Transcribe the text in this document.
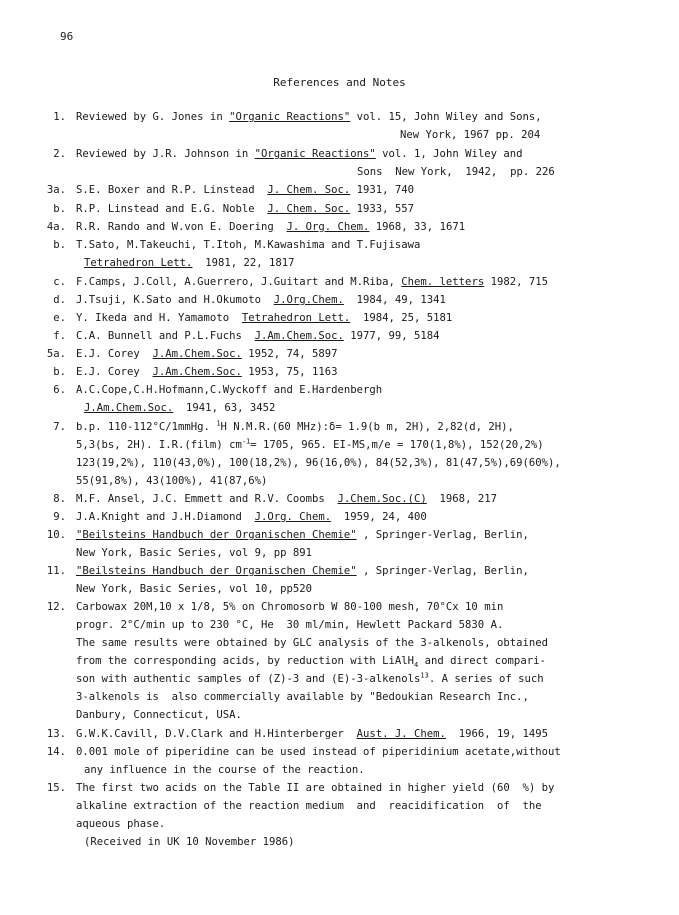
96
References and Notes
1. Reviewed by G. Jones in "Organic Reactions" vol. 15, John Wiley and Sons,
New York, 1967 pp. 204
2. Reviewed by J.R. Johnson in "Organic Reactions" vol. 1, John Wiley and
Sons  New York,  1942,  pp. 226
3a. S.E. Boxer and R.P. Linstead  J. Chem. Soc. 1931, 740
b. R.P. Linstead and E.G. Noble  J. Chem. Soc. 1933, 557
4a. R.R. Rando and W.von E. Doering  J. Org. Chem. 1968, 33, 1671
b. T.Sato, M.Takeuchi, T.Itoh, M.Kawashima and T.Fujisawa
Tetrahedron Lett.  1981, 22, 1817
c. F.Camps, J.Coll, A.Guerrero, J.Guitart and M.Riba, Chem. letters 1982, 715
d. J.Tsuji, K.Sato and H.Okumoto  J.Org.Chem.  1984, 49, 1341
e. Y. Ikeda and H. Yamamoto  Tetrahedron Lett.  1984, 25, 5181
f. C.A. Bunnell and P.L.Fuchs  J.Am.Chem.Soc. 1977, 99, 5184
5a. E.J. Corey  J.Am.Chem.Soc. 1952, 74, 5897
b. E.J. Corey  J.Am.Chem.Soc. 1953, 75, 1163
6. A.C.Cope,C.H.Hofmann,C.Wyckoff and E.Hardenbergh
J.Am.Chem.Soc.  1941, 63, 3452
7. b.p. 110-112°C/1mmHg. $^1$H N.M.R.(60 MHz):δ= 1.9(b m, 2H), 2,82(d, 2H),
5,3(bs, 2H). I.R.(film) $cm^{-1}= 1705$, 965. EI-MS,m/e = 170(1,8%), 152(20,2%)
123(19,2%), 110(43,0%), 100(18,2%), 96(16,0%), 84(52,3%), 81(47,5%),69(60%),
55(91,8%), 43(100%), 41(87,6%)
8. M.F. Ansel, J.C. Emmett and R.V. Coombs  J.Chem.Soc.(C)  1968, 217
9. J.A.Knight and J.H.Diamond  J.Org. Chem.  1959, 24, 400
10. "Beilsteins Handbuch der Organischen Chemie" , Springer-Verlag, Berlin,
New York, Basic Series, vol 9, pp 891
11. "Beilsteins Handbuch der Organischen Chemie" , Springer-Verlag, Berlin,
New York, Basic Series, vol 10, pp520
12. Carbowax 20M,10 x 1/8, 5% on Chromosorb W 80-100 mesh, 70°Cx 10 min
progr. 2°C/min up to 230 °C, He  30 ml/min, Hewlett Packard 5830 A.
The same results were obtained by GLC analysis of the 3-alkenols, obtained
from the corresponding acids, by reduction with LiAlH$_4$ and direct compari-
son with authentic samples of (Z)-3 and (E)-3-alkenols$^{13}$. A series of such
3-alkenols is  also commercially available by "Bedoukian Research Inc.,
Danbury, Connecticut, USA.
13. G.W.K.Cavill, D.V.Clark and H.Hinterberger  Aust. J. Chem.  1966, 19, 1495
14. 0.001 mole of piperidine can be used instead of piperidinium acetate,without
any influence in the course of the reaction.
15. The first two acids on the Table II are obtained in higher yield (60  %) by
alkaline extraction of the reaction medium  and  reacidification  of  the
aqueous phase.
(Received in UK 10 November 1986)
